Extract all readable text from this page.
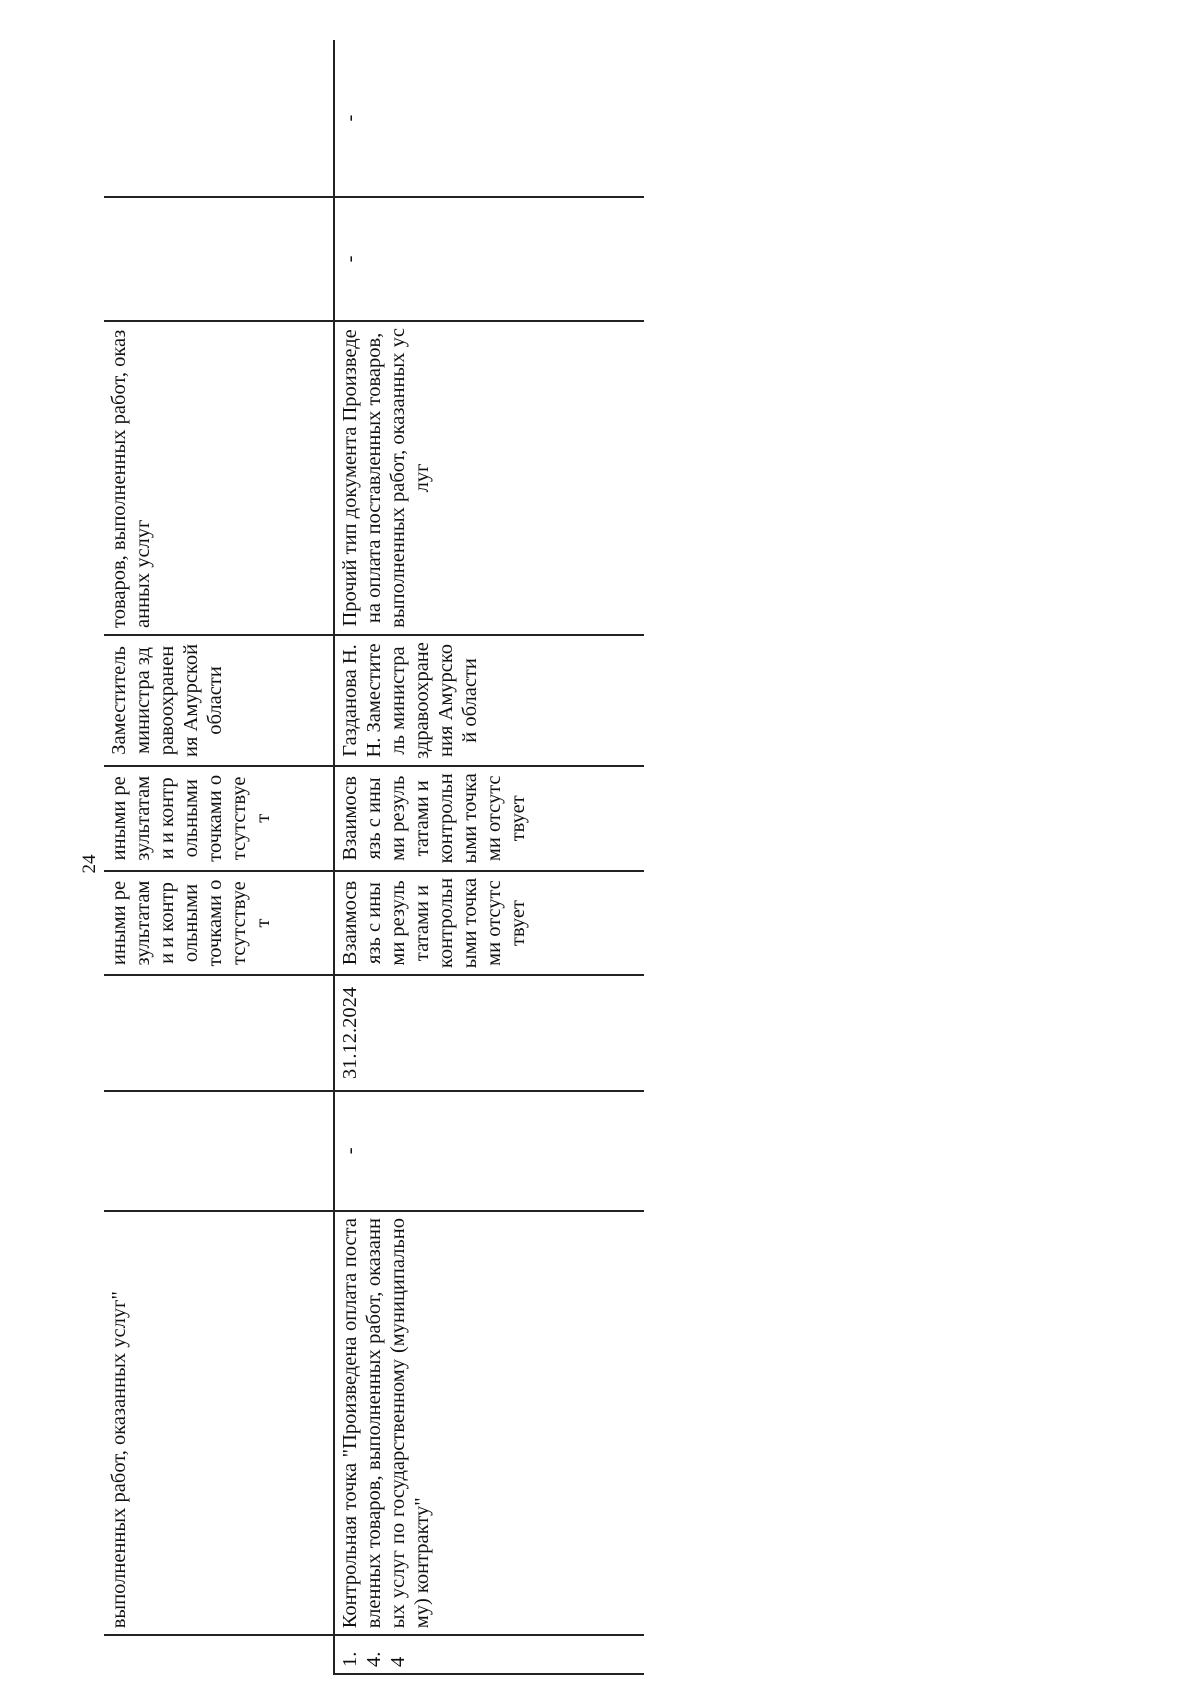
24
	выполненных работ, оказанных услуг"			иными результатами и контрольными точками отсутствует	иными результатами и контрольными точками отсутствует	Заместитель министра здравоохранения Амурской области	товаров, выполненных работ, оказанных услуг		
1.4.4	Контрольная точка "Произведена оплата поставленных товаров, выполненных работ, оказанных услуг по государственному (муниципальному) контракту"	-	31.12.2024	Взаимосвязь с иными результатами и контрольными точками отсутствует	Взаимосвязь с иными результатами и контрольными точками отсутствует	Газданова Н.Н. Заместитель министра здравоохранения Амурской области	Прочий тип документа Произведена оплата поставленных товаров, выполненных работ, оказанных услуг	-	-
